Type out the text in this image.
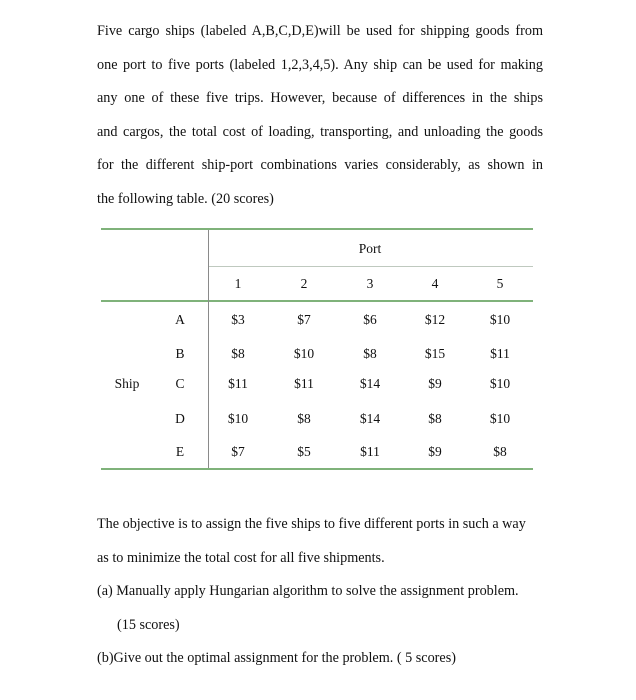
Five cargo ships (labeled A,B,C,D,E)will be used for shipping goods from
one port to five ports (labeled 1,2,3,4,5). Any ship can be used for making
any one of these five trips. However, because of differences in the ships
and cargos, the total cost of loading, transporting, and unloading the goods
for the different ship-port combinations varies considerably, as shown in
the following table. (20 scores)
Port
Ship
1	2	3	4	5
A	$3	$7	$6	$12	$10
B	$8	$10	$8	$15	$11
C	$11	$11	$14	$9	$10
D	$10	$8	$14	$8	$10
E	$7	$5	$11	$9	$8
The objective is to assign the five ships to five different ports in such a way
as to minimize the total cost for all five shipments.
(a) Manually apply Hungarian algorithm to solve the assignment problem.
(15 scores)
(b)Give out the optimal assignment for the problem. ( 5 scores)
